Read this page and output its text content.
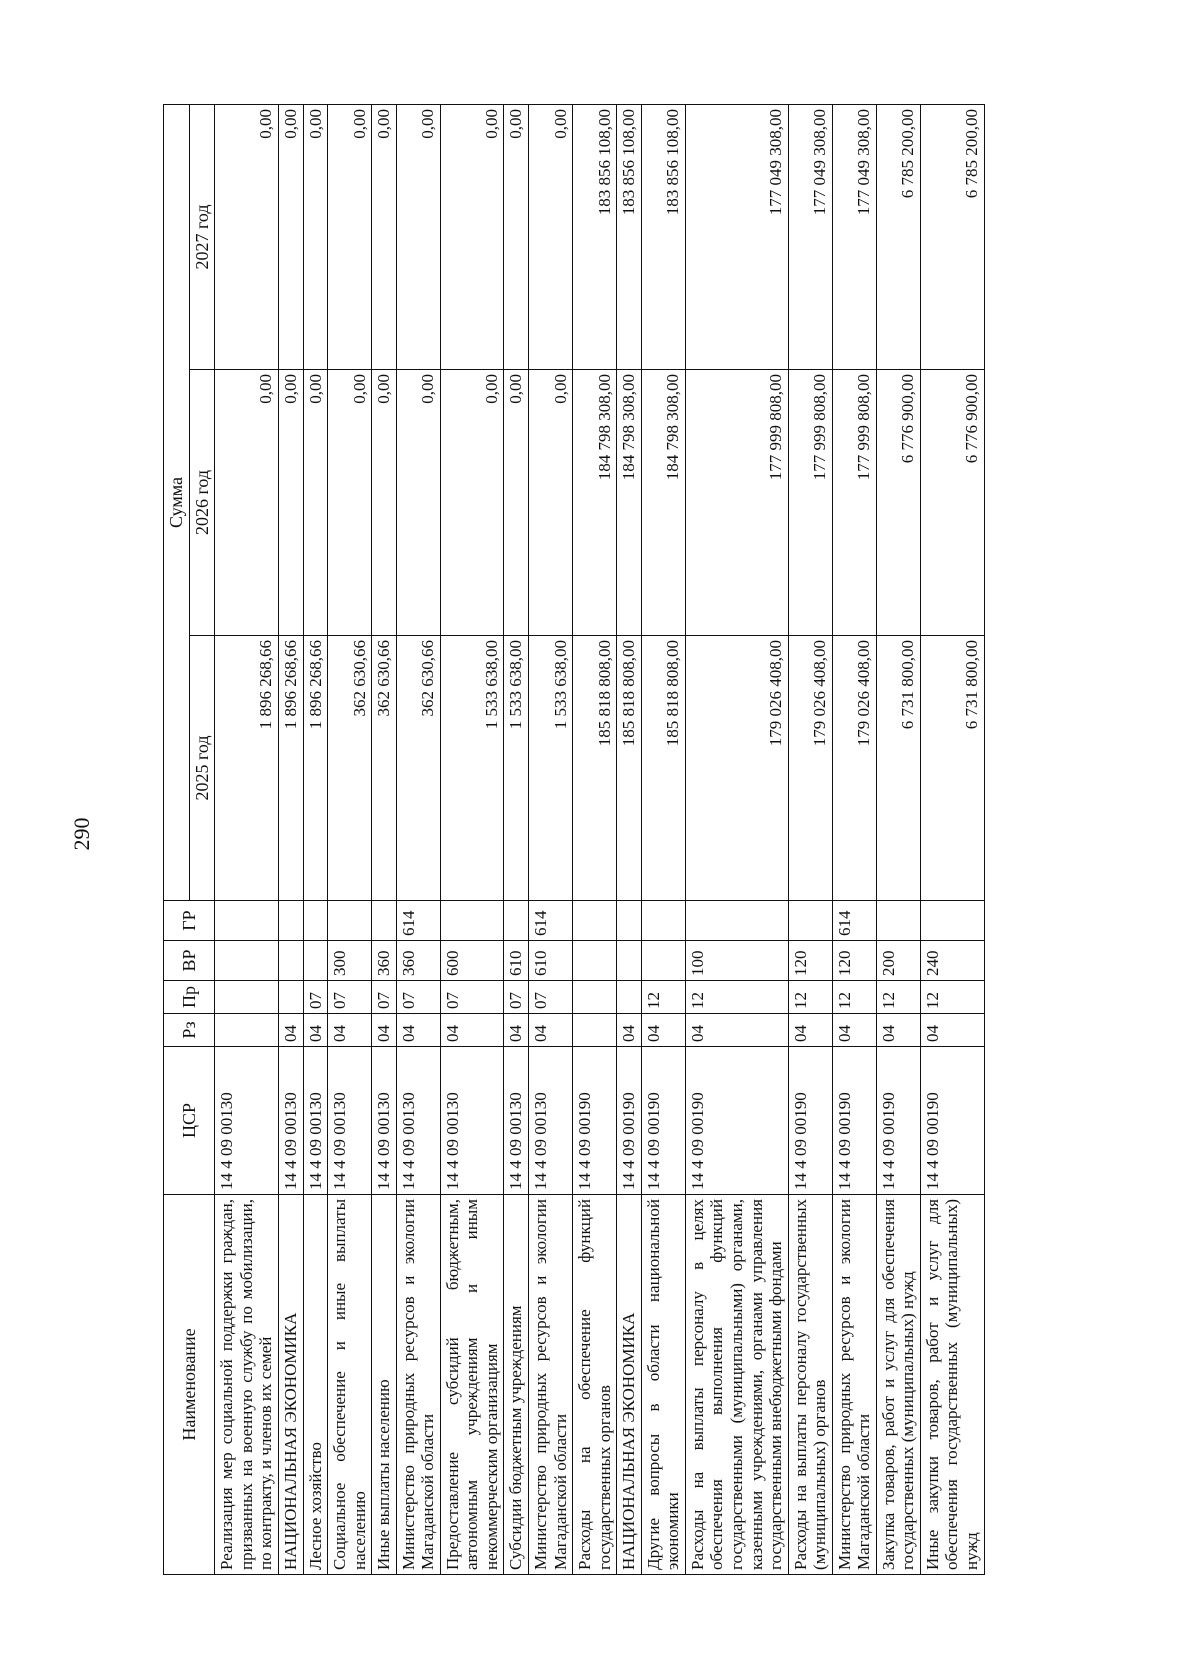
290
Наименование	ЦСР	Рз	Пр	ВР	ГР	Сумма		
						2025 год	2026 год	2027 год
Реализация мер социальной поддержки граждан, призванных на военную службу по мобилизации, по контракту, и членов их семей	14 4 09 00130					1 896 268,66	0,00	0,00
НАЦИОНАЛЬНАЯ ЭКОНОМИКА	14 4 09 00130	04				1 896 268,66	0,00	0,00
Лесное хозяйство	14 4 09 00130	04	07			1 896 268,66	0,00	0,00
Социальное обеспечение и иные выплаты населению	14 4 09 00130	04	07	300		362 630,66	0,00	0,00
Иные выплаты населению	14 4 09 00130	04	07	360		362 630,66	0,00	0,00
Министерство природных ресурсов и экологии Магаданской области	14 4 09 00130	04	07	360	614	362 630,66	0,00	0,00
Предоставление субсидий бюджетным, автономным учреждениям и иным некоммерческим организациям	14 4 09 00130	04	07	600		1 533 638,00	0,00	0,00
Субсидии бюджетным учреждениям	14 4 09 00130	04	07	610		1 533 638,00	0,00	0,00
Министерство природных ресурсов и экологии Магаданской области	14 4 09 00130	04	07	610	614	1 533 638,00	0,00	0,00
Расходы на обеспечение функций государственных органов	14 4 09 00190					185 818 808,00	184 798 308,00	183 856 108,00
НАЦИОНАЛЬНАЯ ЭКОНОМИКА	14 4 09 00190	04				185 818 808,00	184 798 308,00	183 856 108,00
Другие вопросы в области национальной экономики	14 4 09 00190	04	12			185 818 808,00	184 798 308,00	183 856 108,00
Расходы на выплаты персоналу в целях обеспечения выполнения функций государственными (муниципальными) органами, казенными учреждениями, органами управления государственными внебюджетными фондами	14 4 09 00190	04	12	100		179 026 408,00	177 999 808,00	177 049 308,00
Расходы на выплаты персоналу государственных (муниципальных) органов	14 4 09 00190	04	12	120		179 026 408,00	177 999 808,00	177 049 308,00
Министерство природных ресурсов и экологии Магаданской области	14 4 09 00190	04	12	120	614	179 026 408,00	177 999 808,00	177 049 308,00
Закупка товаров, работ и услуг для обеспечения государственных (муниципальных) нужд	14 4 09 00190	04	12	200		6 731 800,00	6 776 900,00	6 785 200,00
Иные закупки товаров, работ и услуг для обеспечения государственных (муниципальных) нужд	14 4 09 00190	04	12	240		6 731 800,00	6 776 900,00	6 785 200,00
